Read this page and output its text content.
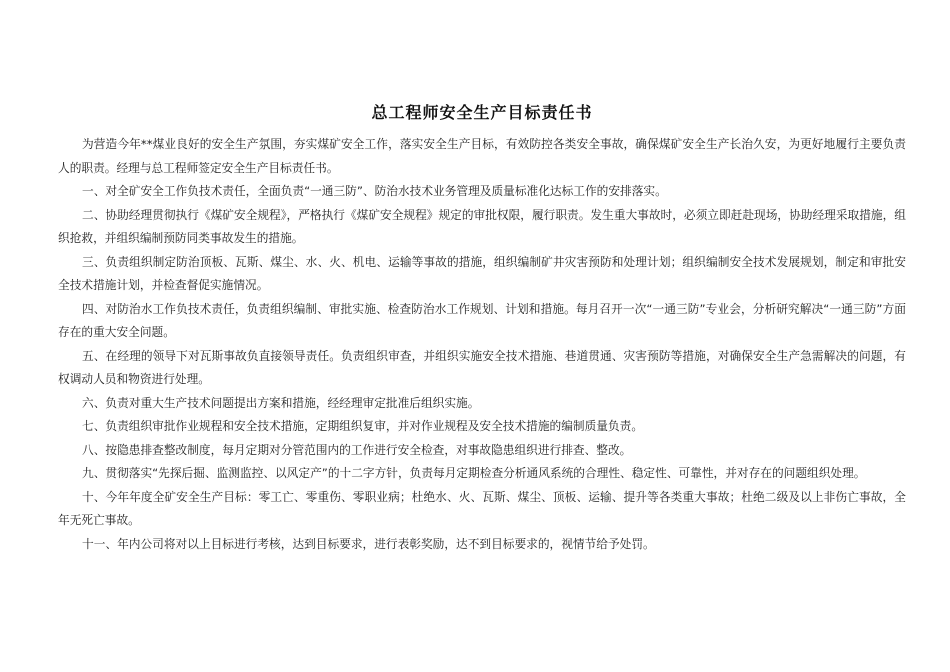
总工程师安全生产目标责任书

为营造今年**煤业良好的安全生产氛围，夯实煤矿安全工作，落实安全生产目标，有效防控各类安全事故，确保煤矿安全生产长治久安，为更好地履行主要负责人的职责。经理与总工程师签定安全生产目标责任书。

一、对全矿安全工作负技术责任，全面负责“一通三防”、防治水技术业务管理及质量标准化达标工作的安排落实。

二、协助经理贯彻执行《煤矿安全规程》，严格执行《煤矿安全规程》规定的审批权限，履行职责。发生重大事故时，必须立即赶赴现场，协助经理采取措施，组织抢救，并组织编制预防同类事故发生的措施。

三、负责组织制定防治顶板、瓦斯、煤尘、水、火、机电、运输等事故的措施，组织编制矿井灾害预防和处理计划；组织编制安全技术发展规划，制定和审批安全技术措施计划，并检查督促实施情况。

四、对防治水工作负技术责任，负责组织编制、审批实施、检查防治水工作规划、计划和措施。每月召开一次“一通三防”专业会，分析研究解决“一通三防”方面存在的重大安全问题。

五、在经理的领导下对瓦斯事故负直接领导责任。负责组织审查，并组织实施安全技术措施、巷道贯通、灾害预防等措施，对确保安全生产急需解决的问题，有权调动人员和物资进行处理。

六、负责对重大生产技术问题提出方案和措施，经经理审定批准后组织实施。

七、负责组织审批作业规程和安全技术措施，定期组织复审，并对作业规程及安全技术措施的编制质量负责。

八、按隐患排查整改制度，每月定期对分管范围内的工作进行安全检查，对事故隐患组织进行排查、整改。

九、贯彻落实“先探后掘、监测监控、以风定产”的十二字方针，负责每月定期检查分析通风系统的合理性、稳定性、可靠性，并对存在的问题组织处理。

十、今年年度全矿安全生产目标：零工亡、零重伤、零职业病；杜绝水、火、瓦斯、煤尘、顶板、运输、提升等各类重大事故；杜绝二级及以上非伤亡事故，全年无死亡事故。

十一、年内公司将对以上目标进行考核，达到目标要求，进行表彰奖励，达不到目标要求的，视情节给予处罚。
